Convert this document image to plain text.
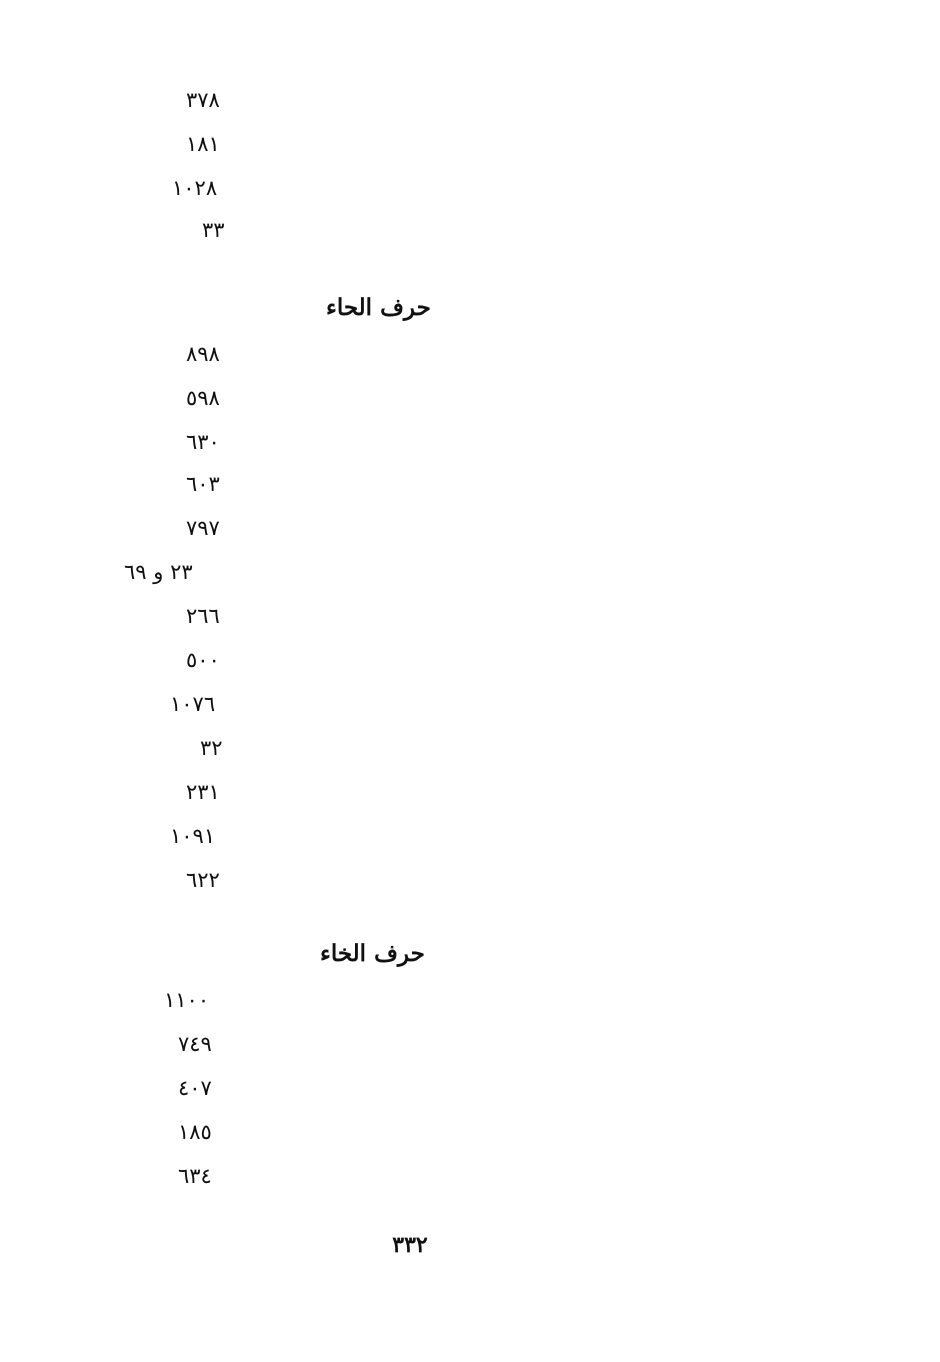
٣٧٨
١٨١
١٠٢٨
٣٣
حرف الحاء
٨٩٨
٥٩٨
٦٣٠
٦٠٣
٧٩٧
٢٣ و ٦٩
٢٦٦
٥٠٠
١٠٧٦
٣٢
٢٣١
١٠٩١
٦٢٢
حرف الخاء
١١٠٠
٧٤٩
٤٠٧
١٨٥
٦٣٤
٣٣٢
